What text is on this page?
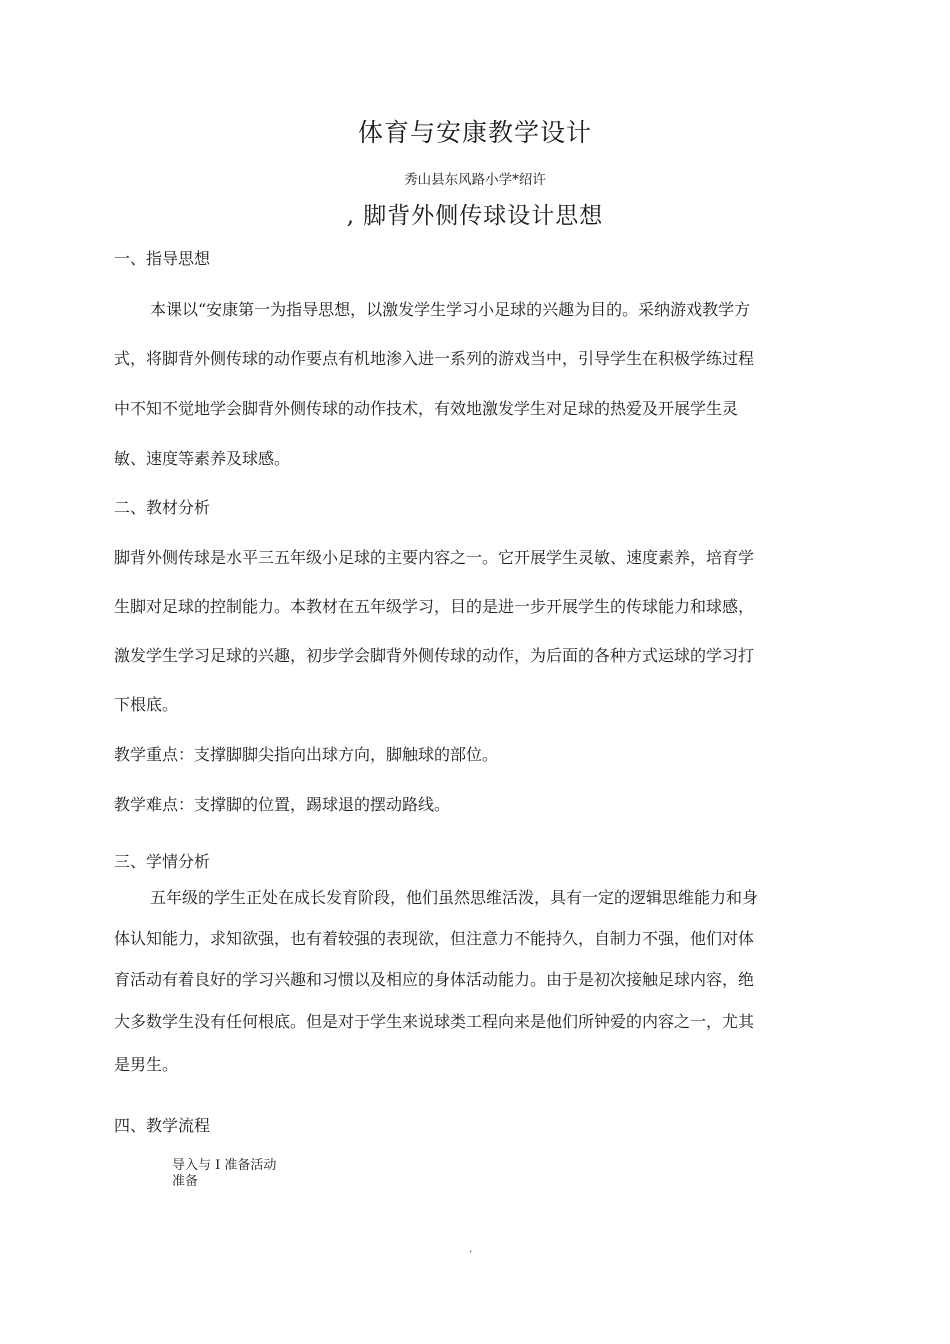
体育与安康教学设计
秀山县东风路小学*绍许
, 脚背外侧传球设计思想
一、指导思想
本课以“安康第一为指导思想，以激发学生学习小足球的兴趣为目的。采纳游戏教学方
式，将脚背外侧传球的动作要点有机地渗入进一系列的游戏当中，引导学生在积极学练过程
中不知不觉地学会脚背外侧传球的动作技术，有效地激发学生对足球的热爱及开展学生灵
敏、速度等素养及球感。
二、教材分析
脚背外侧传球是水平三五年级小足球的主要内容之一。它开展学生灵敏、速度素养，培育学
生脚对足球的控制能力。本教材在五年级学习，目的是进一步开展学生的传球能力和球感，
激发学生学习足球的兴趣，初步学会脚背外侧传球的动作，为后面的各种方式运球的学习打
下根底。
教学重点：支撑脚脚尖指向出球方向，脚触球的部位。
教学难点：支撑脚的位置，踢球退的摆动路线。
三、学情分析
五年级的学生正处在成长发育阶段，他们虽然思维活泼，具有一定的逻辑思维能力和身
体认知能力，求知欲强，也有着较强的表现欲，但注意力不能持久，自制力不强，他们对体
育活动有着良好的学习兴趣和习惯以及相应的身体活动能力。由于是初次接触足球内容，绝
大多数学生没有任何根底。但是对于学生来说球类工程向来是他们所钟爱的内容之一，尤其
是男生。
四、教学流程
导入与 I 准备活动
准备
.
